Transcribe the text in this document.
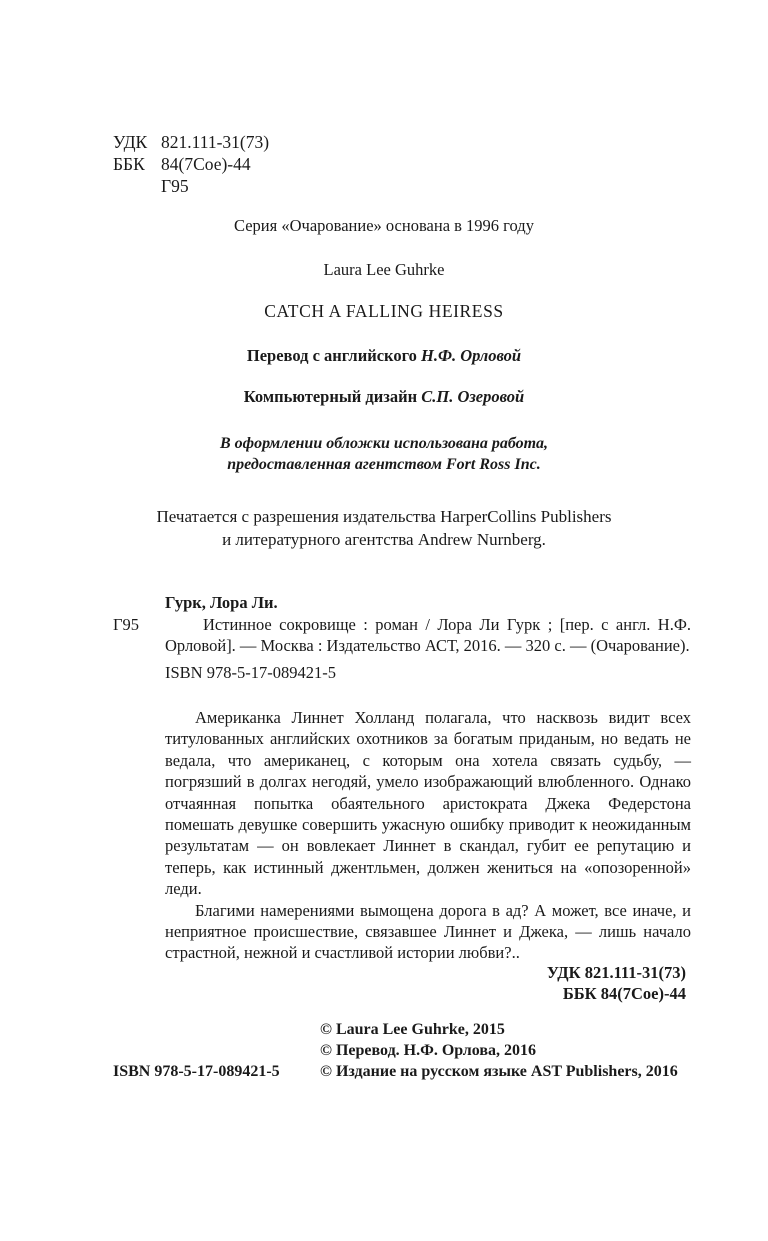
УДК 821.111-31(73)
ББК 84(7Сое)-44
Г95

Серия «Очарование» основана в 1996 году

Laura Lee Guhrke

CATCH A FALLING HEIRESS

Перевод с английского Н.Ф. Орловой

Компьютерный дизайн С.П. Озеровой

В оформлении обложки использована работа,
предоставленная агентством Fort Ross Inc.

Печатается с разрешения издательства HarperCollins Publishers
и литературного агентства Andrew Nurnberg.

Гурк, Лора Ли.
Г95	Истинное сокровище : роман / Лора Ли Гурк ; [пер. с англ. Н.Ф. Орловой]. — Москва : Издательство АСТ, 2016. — 320 с. — (Очарование).
ISBN 978-5-17-089421-5

Американка Линнет Холланд полагала, что насквозь видит всех титулованных английских охотников за богатым приданым, но ведать не ведала, что американец, с которым она хотела связать судьбу, — погрязший в долгах негодяй, умело изображающий влюбленного. Однако отчаянная попытка обаятельного аристократа Джека Федерстона помешать девушке совершить ужасную ошибку приводит к неожиданным результатам — он вовлекает Линнет в скандал, губит ее репутацию и теперь, как истинный джентльмен, должен жениться на «опозоренной» леди.

Благими намерениями вымощена дорога в ад? А может, все иначе, и неприятное происшествие, связавшее Линнет и Джека, — лишь начало страстной, нежной и счастливой истории любви?..

УДК 821.111-31(73)
ББК 84(7Сое)-44
© Laura Lee Guhrke, 2015
© Перевод. Н.Ф. Орлова, 2016
ISBN 978-5-17-089421-5	© Издание на русском языке AST Publishers, 2016
